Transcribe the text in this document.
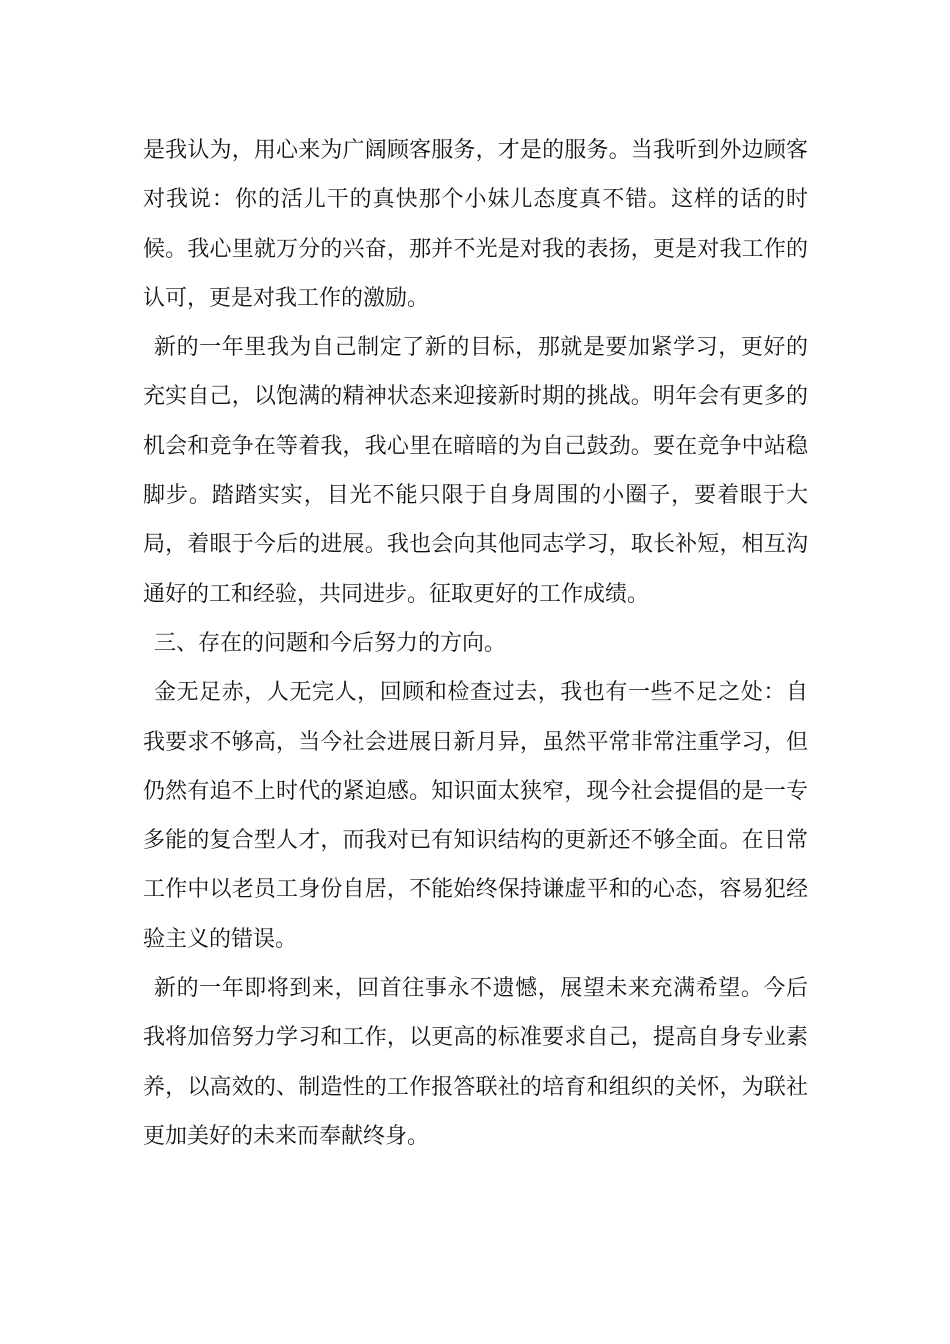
是我认为，用心来为广阔顾客服务，才是的服务。当我听到外边顾客对我说：你的活儿干的真快那个小妹儿态度真不错。这样的话的时候。我心里就万分的兴奋，那并不光是对我的表扬，更是对我工作的认可，更是对我工作的激励。

新的一年里我为自己制定了新的目标，那就是要加紧学习，更好的充实自己，以饱满的精神状态来迎接新时期的挑战。明年会有更多的机会和竞争在等着我，我心里在暗暗的为自己鼓劲。要在竞争中站稳脚步。踏踏实实，目光不能只限于自身周围的小圈子，要着眼于大局，着眼于今后的进展。我也会向其他同志学习，取长补短，相互沟通好的工和经验，共同进步。征取更好的工作成绩。

三、存在的问题和今后努力的方向。

金无足赤，人无完人，回顾和检查过去，我也有一些不足之处：自我要求不够高，当今社会进展日新月异，虽然平常非常注重学习，但仍然有追不上时代的紧迫感。知识面太狭窄，现今社会提倡的是一专多能的复合型人才，而我对已有知识结构的更新还不够全面。在日常工作中以老员工身份自居，不能始终保持谦虚平和的心态，容易犯经验主义的错误。

新的一年即将到来，回首往事永不遗憾，展望未来充满希望。今后我将加倍努力学习和工作，以更高的标准要求自己，提高自身专业素养，以高效的、制造性的工作报答联社的培育和组织的关怀，为联社更加美好的未来而奉献终身。
